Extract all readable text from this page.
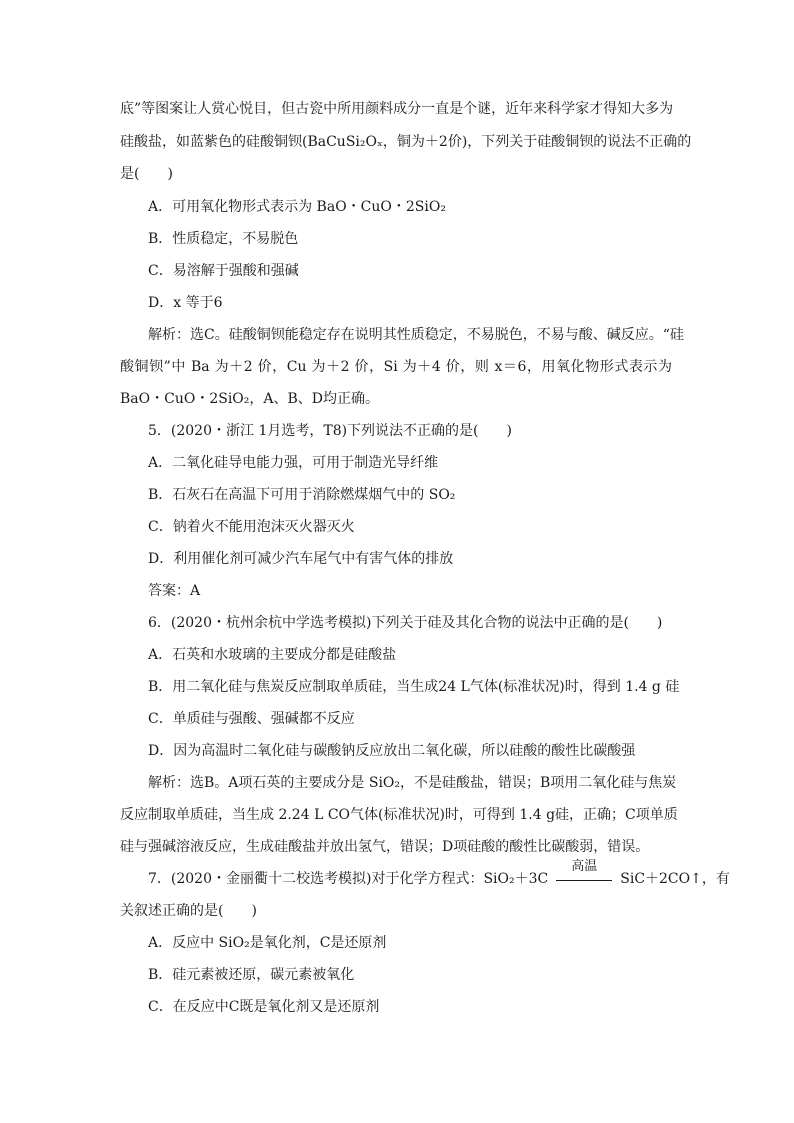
底”等图案让人赏心悦目，但古瓷中所用颜料成分一直是个谜，近年来科学家才得知大多为
硅酸盐，如蓝紫色的硅酸铜钡(BaCuSi₂Oₓ，铜为＋2价)，下列关于硅酸铜钡的说法不正确的
是(　　)
A．可用氧化物形式表示为 BaO・CuO・2SiO₂
B．性质稳定，不易脱色
C．易溶解于强酸和强碱
D．x 等于6
解析：选C。硅酸铜钡能稳定存在说明其性质稳定，不易脱色，不易与酸、碱反应。“硅
酸铜钡”中 Ba 为＋2 价，Cu 为＋2 价，Si 为＋4 价，则 x＝6，用氧化物形式表示为
BaO・CuO・2SiO₂，A、B、D均正确。
5．(2020・浙江 1月选考，T8)下列说法不正确的是(　　)
A．二氧化硅导电能力强，可用于制造光导纤维
B．石灰石在高温下可用于消除燃煤烟气中的 SO₂
C．钠着火不能用泡沫灭火器灭火
D．利用催化剂可减少汽车尾气中有害气体的排放
答案：A
6．(2020・杭州余杭中学选考模拟)下列关于硅及其化合物的说法中正确的是(　　)
A．石英和水玻璃的主要成分都是硅酸盐
B．用二氧化硅与焦炭反应制取单质硅，当生成24 L气体(标准状况)时，得到 1.4 g 硅
C．单质硅与强酸、强碱都不反应
D．因为高温时二氧化硅与碳酸钠反应放出二氧化碳，所以硅酸的酸性比碳酸强
解析：选B。A项石英的主要成分是 SiO₂，不是硅酸盐，错误；B项用二氧化硅与焦炭
反应制取单质硅，当生成 2.24 L CO气体(标准状况)时，可得到 1.4 g硅，正确；C项单质
硅与强碱溶液反应，生成硅酸盐并放出氢气，错误；D项硅酸的酸性比碳酸弱，错误。
7．(2020・金丽衢十二校选考模拟)对于化学方程式：SiO₂＋3C
高温
SiC＋2CO↑，有
关叙述正确的是(　　)
A．反应中 SiO₂是氧化剂，C是还原剂
B．硅元素被还原，碳元素被氧化
C．在反应中C既是氧化剂又是还原剂
